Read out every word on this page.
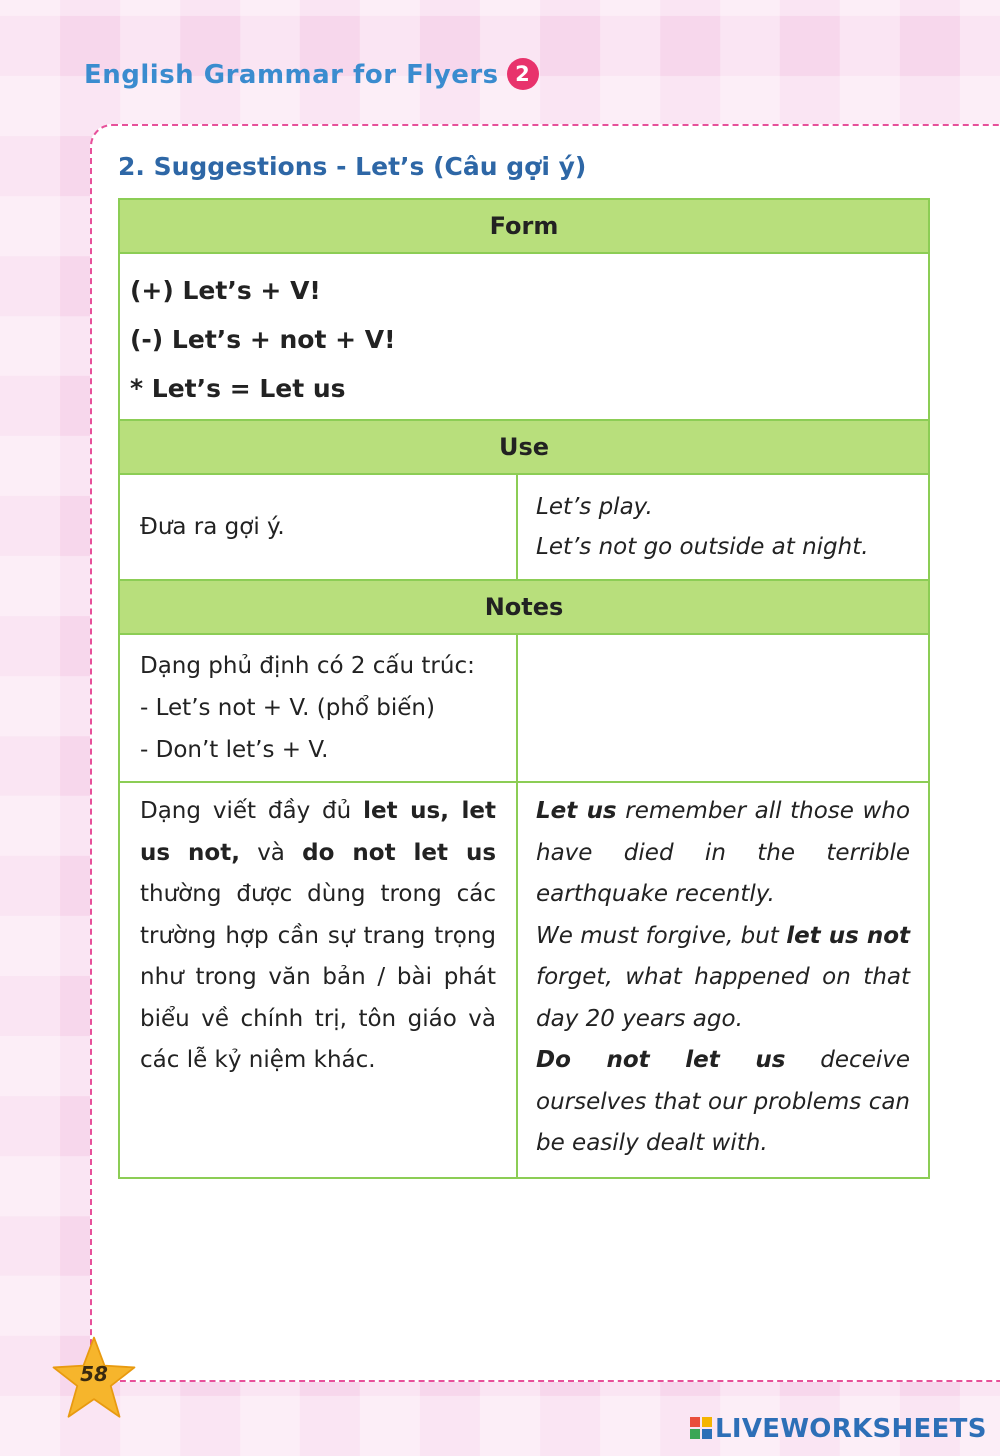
English Grammar for Flyers 2
2. Suggestions - Let’s (Câu gợi ý)
Form	

(+) Let’s + V!
(-) Let’s + not + V!
* Let’s = Let us	

Use	
Đưa ra gợi ý.	Let’s play.
Let’s not go outside at night.

Notes	

Dạng phủ định có 2 cấu trúc:
- Let’s not + V. (phổ biến)
- Don’t let’s + V.	

Dạng viết đầy đủ let us, let us not, và do not let us thường được dùng trong các trường hợp cần sự trang trọng như trong văn bản / bài phát biểu về chính trị, tôn giáo và các lễ kỷ niệm khác.	Let us remember all those who have died in the terrible earthquake recently.
We must forgive, but let us not forget, what happened on that day 20 years ago.
Do not let us deceive ourselves that our problems can be easily dealt with.
58
LIVEWORKSHEETS
